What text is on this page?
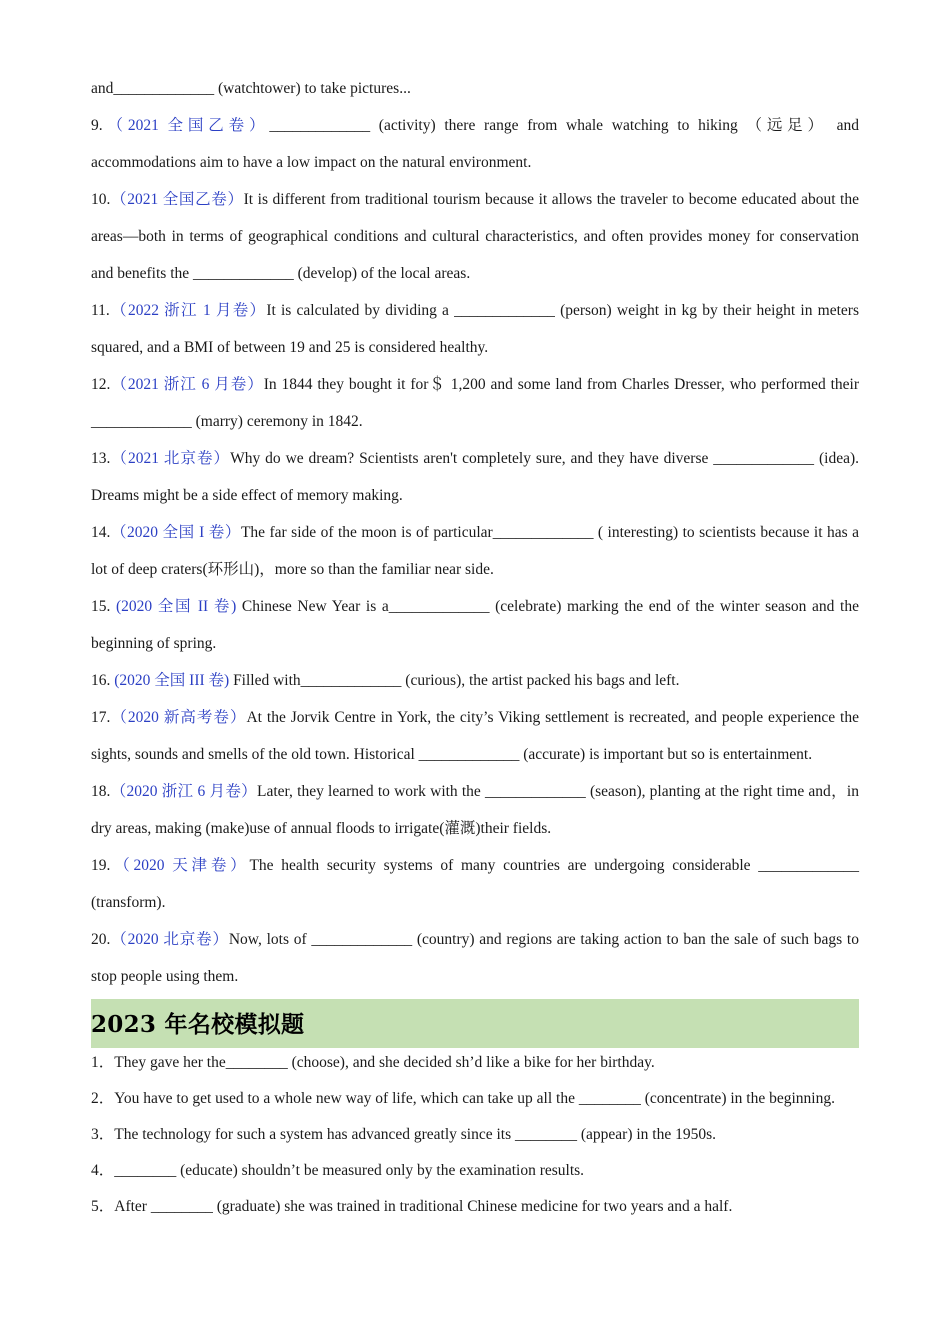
and_____________ (watchtower) to take pictures...

9.（2021 全国乙卷）_____________ (activity) there range from whale watching to hiking （远足） and accommodations aim to have a low impact on the natural environment.

10.（2021 全国乙卷）It is different from traditional tourism because it allows the traveler to become educated about the areas—both in terms of geographical conditions and cultural characteristics, and often provides money for conservation and benefits the _____________ (develop) of the local areas.

11.（2022 浙江 1 月卷）It is calculated by dividing a _____________ (person) weight in kg by their height in meters squared, and a BMI of between 19 and 25 is considered healthy.

12.（2021 浙江 6 月卷）In 1844 they bought it for＄ 1,200 and some land from Charles Dresser, who performed their _____________ (marry) ceremony in 1842.

13.（2021 北京卷）Why do we dream? Scientists aren't completely sure, and they have diverse _____________ (idea). Dreams might be a side effect of memory making.

14.（2020 全国 I 卷）The far side of the moon is of particular_____________ ( interesting) to scientists because it has a lot of deep craters(环形山)，more so than the familiar near side.

15. (2020 全国 II 卷) Chinese New Year is a_____________ (celebrate) marking the end of the winter season and the beginning of spring.

16. (2020 全国 III 卷) Filled with_____________ (curious), the artist packed his bags and left.

17.（2020 新高考卷）At the Jorvik Centre in York, the city’s Viking settlement is recreated, and people experience the sights, sounds and smells of the old town. Historical _____________ (accurate) is important but so is entertainment.

18.（2020 浙江 6 月卷）Later, they learned to work with the _____________ (season), planting at the right time and，in dry areas, making (make)use of annual floods to irrigate(灌溉)their fields.

19.（2020 天津卷）The health security systems of many countries are undergoing considerable _____________ (transform).

20.（2020 北京卷）Now, lots of _____________ (country) and regions are taking action to ban the sale of such bags to stop people using them.

2023 年名校模拟题

1．They gave her the________ (choose), and she decided sh’d like a bike for her birthday.

2．You have to get used to a whole new way of life, which can take up all the ________ (concentrate) in the beginning.

3．The technology for such a system has advanced greatly since its ________ (appear) in the 1950s.

4．________ (educate) shouldn’t be measured only by the examination results.

5．After ________ (graduate) she was trained in traditional Chinese medicine for two years and a half.
